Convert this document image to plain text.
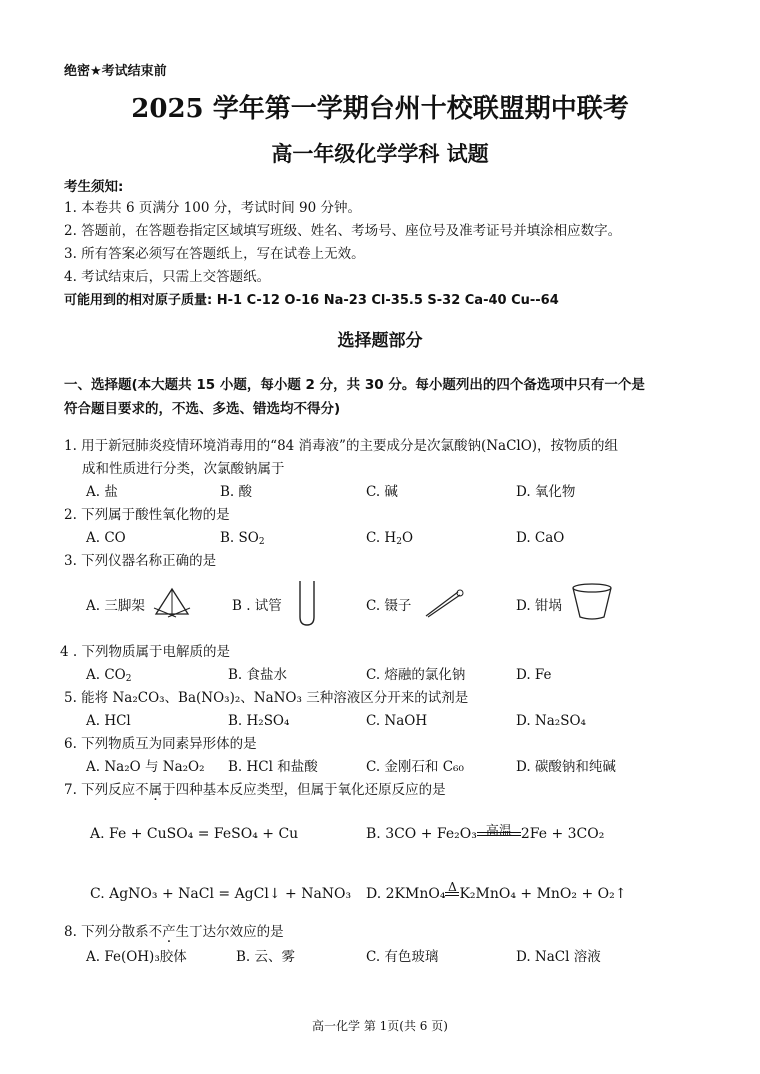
绝密★考试结束前
2025 学年第一学期台州十校联盟期中联考
高一年级化学学科 试题
考生须知:
1. 本卷共 6 页满分 100 分，考试时间 90 分钟。
2. 答题前，在答题卷指定区域填写班级、姓名、考场号、座位号及准考证号并填涂相应数字。
3. 所有答案必须写在答题纸上，写在试卷上无效。
4. 考试结束后，只需上交答题纸。
可能用到的相对原子质量: H-1 C-12 O-16 Na-23 Cl-35.5 S-32 Ca-40 Cu--64
选择题部分
一、选择题(本大题共 15 小题，每小题 2 分，共 30 分。每小题列出的四个备选项中只有一个是
符合题目要求的，不选、多选、错选均不得分)
1. 用于新冠肺炎疫情环境消毒用的“84 消毒液”的主要成分是次氯酸钠(NaClO)，按物质的组
成和性质进行分类，次氯酸钠属于
A. 盐	B. 酸	C. 碱	D. 氧化物
2. 下列属于酸性氧化物的是
A. CO	B. $SO_2$	C. $H_2O$	D. CaO
3. 下列仪器名称正确的是
A. 三脚架	B . 试管	C. 镊子	D. 钳埚
4 . 下列物质属于电解质的是
A. $CO_2$	B. 食盐水	C. 熔融的氯化钠	D. Fe
5. 能将 Na₂CO₃、Ba(NO₃)₂、NaNO₃ 三种溶液区分开来的试剂是
A. HCl	B. H₂SO₄	C. NaOH	D. Na₂SO₄
6. 下列物质互为同素异形体的是
A. Na₂O 与 Na₂O₂ B. HCl 和盐酸	C. 金刚石和 C₆₀	D. 碳酸钠和纯碱
7. 下列反应不属于四种基本反应类型，但属于氧化还原反应的是
A. Fe + CuSO₄ = FeSO₄ + Cu	B. 3CO + Fe₂O₃ 高温 2Fe + 3CO₂
C. AgNO₃ + NaCl = AgCl↓ + NaNO₃ D. 2KMnO₄ Δ K₂MnO₄ + MnO₂ + O₂↑
8. 下列分散系不产生丁达尔效应的是
A. Fe(OH)₃胶体	B. 云、雾	C. 有色玻璃	D. NaCl 溶液
高一化学 第 1页(共 6 页)
